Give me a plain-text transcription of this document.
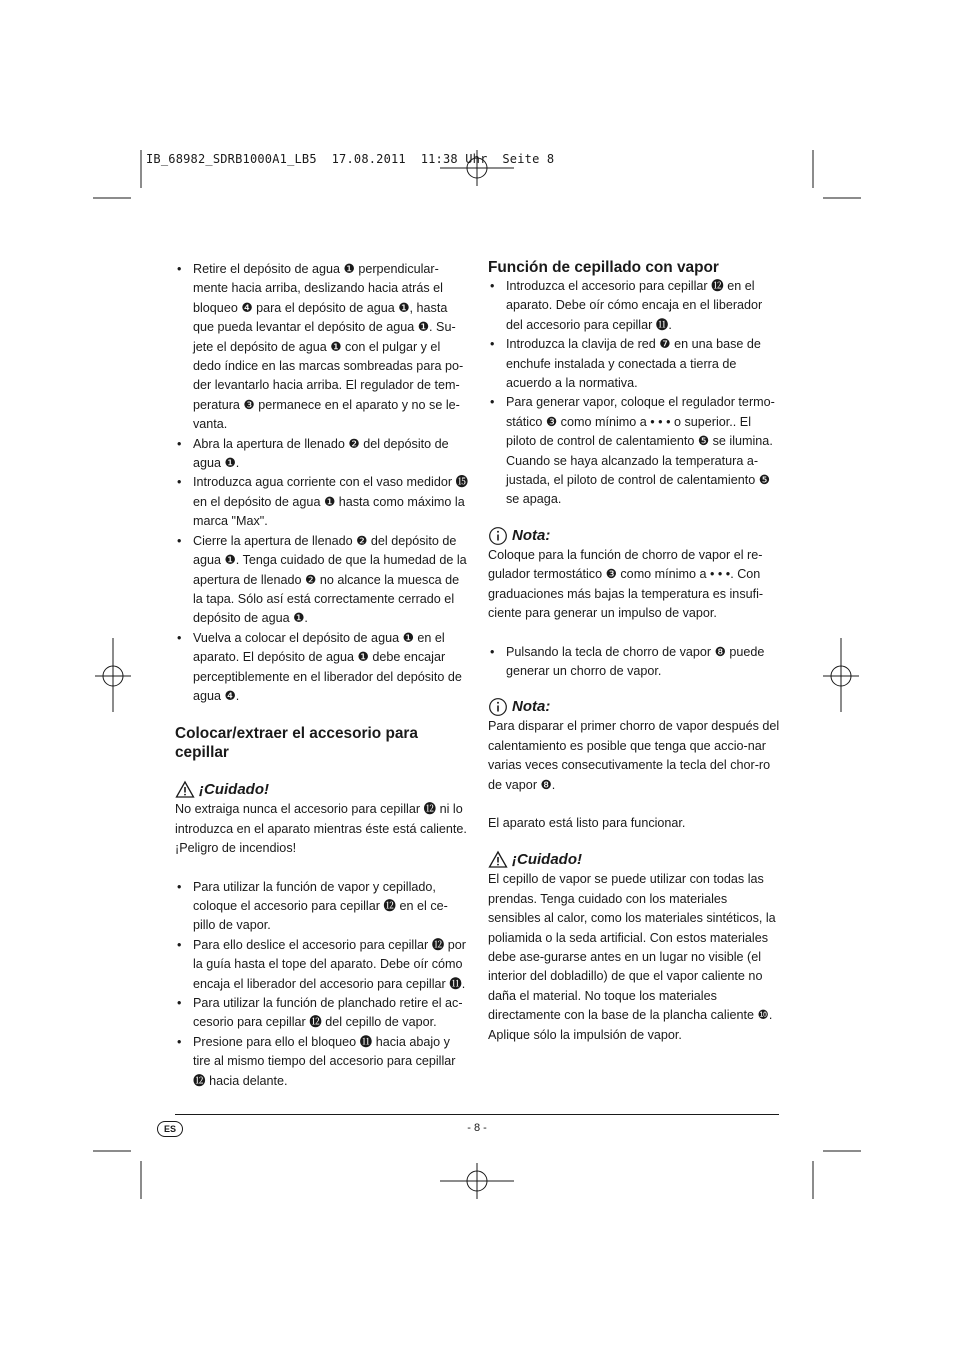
IB_68982_SDRB1000A1_LB5  17.08.2011  11:38 Uhr  Seite 8
• Retire el depósito de agua ❶ perpendicular-mente hacia arriba, deslizando hacia atrás el bloqueo ❹ para el depósito de agua ❶, hasta que pueda levantar el depósito de agua ❶. Su-jete el depósito de agua ❶ con el pulgar y el dedo índice en las marcas sombreadas para po-der levantarlo hacia arriba. El regulador de tem-peratura ❸ permanece en el aparato y no se le-vanta.
• Abra la apertura de llenado ❷ del depósito de agua ❶.
• Introduzca agua corriente con el vaso medidor ⓯ en el depósito de agua ❶ hasta como máximo la marca "Max".
• Cierre la apertura de llenado ❷ del depósito de agua ❶. Tenga cuidado de que la humedad de la apertura de llenado ❷ no alcance la muesca de la tapa. Sólo así está correctamente cerrado el depósito de agua ❶.
• Vuelva a colocar el depósito de agua ❶ en el aparato. El depósito de agua ❶ debe encajar perceptiblemente en el liberador del depósito de agua ❹.
Colocar/extraer el accesorio para cepillar
¡Cuidado!

No extraiga nunca el accesorio para cepillar ⓬ ni lo introduzca en el aparato mientras éste está caliente. ¡Peligro de incendios!

• Para utilizar la función de vapor y cepillado, coloque el accesorio para cepillar ⓬ en el ce-pillo de vapor.
• Para ello deslice el accesorio para cepillar ⓬ por la guía hasta el tope del aparato. Debe oír cómo encaja el liberador del accesorio para cepillar ⓫.
• Para utilizar la función de planchado retire el ac-cesorio para cepillar ⓬ del cepillo de vapor.
• Presione para ello el bloqueo ⓫ hacia abajo y tire al mismo tiempo del accesorio para cepillar ⓬ hacia delante.
Función de cepillado con vapor
• Introduzca el accesorio para cepillar ⓬ en el aparato. Debe oír cómo encaja en el liberador del accesorio para cepillar ⓫.
• Introduzca la clavija de red ❼ en una base de enchufe instalada y conectada a tierra de acuerdo a la normativa.
• Para generar vapor, coloque el regulador termo-stático ❸ como mínimo a • • • o superior.. El piloto de control de calentamiento ❺ se ilumina. Cuando se haya alcanzado la temperatura a-justada, el piloto de control de calentamiento ❺ se apaga.
Nota:

Coloque para la función de chorro de vapor el re-gulador termostático ❸ como mínimo a • • •. Con graduaciones más bajas la temperatura es insufi-ciente para generar un impulso de vapor.

• Pulsando la tecla de chorro de vapor ❽ puede generar un chorro de vapor.
Nota:

Para disparar el primer chorro de vapor después del calentamiento es posible que tenga que accio-nar varias veces consecutivamente la tecla del chor-ro de vapor ❽.

El aparato está listo para funcionar.

¡Cuidado!

El cepillo de vapor se puede utilizar con todas las prendas. Tenga cuidado con los materiales sensibles al calor, como los materiales sintéticos, la poliamida o la seda artificial. Con estos materiales debe ase-gurarse antes en un lugar no visible (el interior del dobladillo) de que el vapor caliente no daña el material. No toque los materiales directamente con la base de la plancha caliente ❿. Aplique sólo la impulsión de vapor.

ES	- 8 -
